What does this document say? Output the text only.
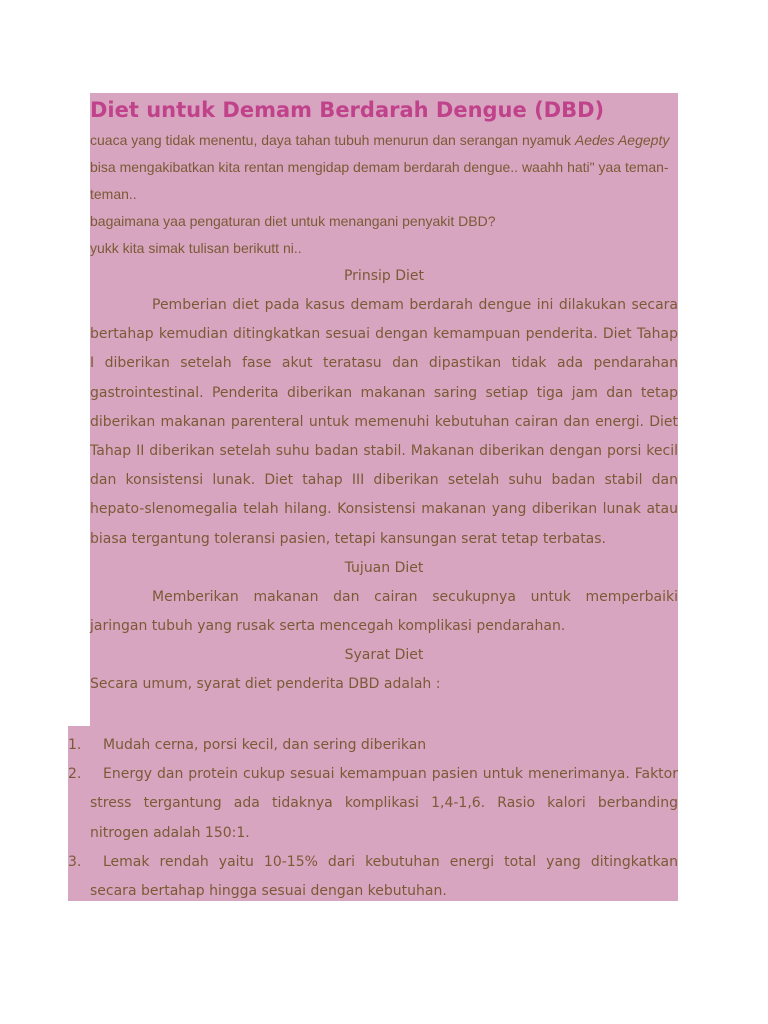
Diet untuk Demam Berdarah Dengue (DBD)

cuaca yang tidak menentu, daya tahan tubuh menurun dan serangan nyamuk Aedes Aegepty bisa mengakibatkan kita rentan mengidap demam berdarah dengue.. waahh hati" yaa teman-teman..

bagaimana yaa pengaturan diet untuk menangani penyakit DBD?

yukk kita simak tulisan berikutt ni..

Prinsip Diet

Pemberian diet pada kasus demam berdarah dengue ini dilakukan secara bertahap kemudian ditingkatkan sesuai dengan kemampuan penderita. Diet Tahap I diberikan setelah fase akut teratasu dan dipastikan tidak ada pendarahan gastrointestinal. Penderita diberikan makanan saring setiap tiga jam dan tetap diberikan makanan parenteral untuk memenuhi kebutuhan cairan dan energi. Diet Tahap II diberikan setelah suhu badan stabil. Makanan diberikan dengan porsi kecil dan konsistensi lunak. Diet tahap III diberikan setelah suhu badan stabil dan hepato-slenomegalia telah hilang. Konsistensi makanan yang diberikan lunak atau biasa tergantung toleransi pasien, tetapi kansungan serat tetap terbatas.

Tujuan Diet

Memberikan makanan dan cairan secukupnya untuk memperbaiki jaringan tubuh yang rusak serta mencegah komplikasi pendarahan.

Syarat Diet

Secara umum, syarat diet penderita DBD adalah :

1.	Mudah cerna, porsi kecil, dan sering diberikan
2.	Energy dan protein cukup sesuai kemampuan pasien untuk menerimanya. Faktor stress tergantung ada tidaknya komplikasi 1,4-1,6. Rasio kalori berbanding nitrogen adalah 150:1.
3.	Lemak rendah yaitu 10-15% dari kebutuhan energi total yang ditingkatkan secara bertahap hingga sesuai dengan kebutuhan.
